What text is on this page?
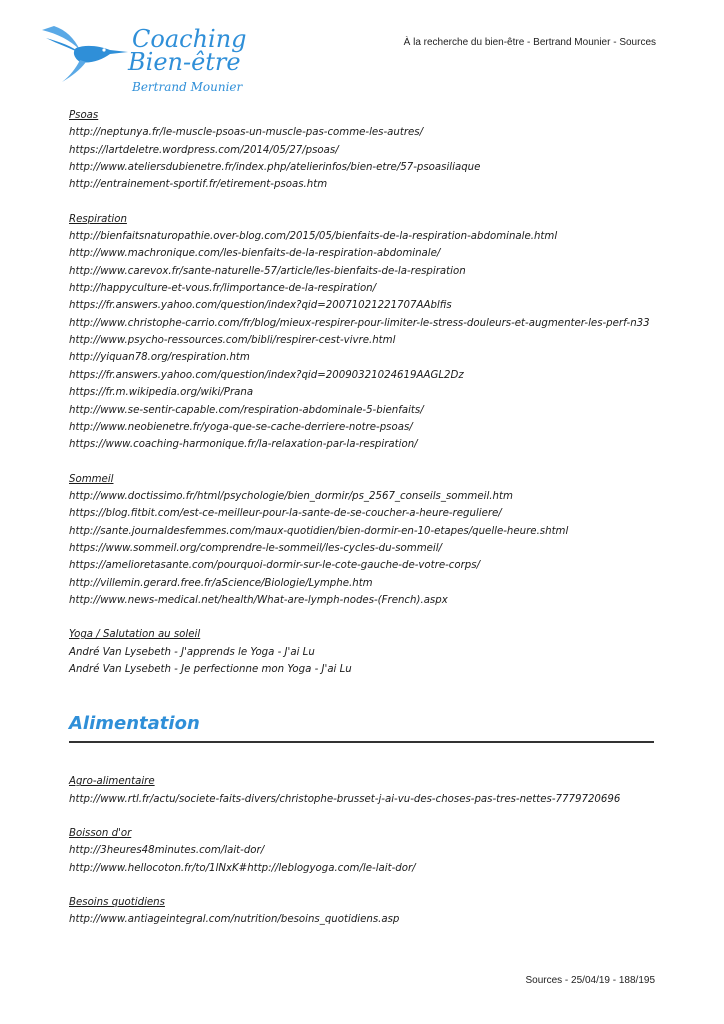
Coaching
Bien-être
Bertrand Mounier
À la recherche du bien-être - Bertrand Mounier - Sources
Psoas
http://neptunya.fr/le-muscle-psoas-un-muscle-pas-comme-les-autres/
https://lartdeletre.wordpress.com/2014/05/27/psoas/
http://www.ateliersdubienetre.fr/index.php/atelierinfos/bien-etre/57-psoasiliaque
http://entrainement-sportif.fr/etirement-psoas.htm
Respiration
http://bienfaitsnaturopathie.over-blog.com/2015/05/bienfaits-de-la-respiration-abdominale.html
http://www.machronique.com/les-bienfaits-de-la-respiration-abdominale/
http://www.carevox.fr/sante-naturelle-57/article/les-bienfaits-de-la-respiration
http://happyculture-et-vous.fr/limportance-de-la-respiration/
https://fr.answers.yahoo.com/question/index?qid=20071021221707AAblfis
http://www.christophe-carrio.com/fr/blog/mieux-respirer-pour-limiter-le-stress-douleurs-et-augmenter-les-perf-n33
http://www.psycho-ressources.com/bibli/respirer-cest-vivre.html
http://yiquan78.org/respiration.htm
https://fr.answers.yahoo.com/question/index?qid=20090321024619AAGL2Dz
https://fr.m.wikipedia.org/wiki/Prana
http://www.se-sentir-capable.com/respiration-abdominale-5-bienfaits/
http://www.neobienetre.fr/yoga-que-se-cache-derriere-notre-psoas/
https://www.coaching-harmonique.fr/la-relaxation-par-la-respiration/
Sommeil
http://www.doctissimo.fr/html/psychologie/bien_dormir/ps_2567_conseils_sommeil.htm
https://blog.fitbit.com/est-ce-meilleur-pour-la-sante-de-se-coucher-a-heure-reguliere/
http://sante.journaldesfemmes.com/maux-quotidien/bien-dormir-en-10-etapes/quelle-heure.shtml
https://www.sommeil.org/comprendre-le-sommeil/les-cycles-du-sommeil/
https://amelioretasante.com/pourquoi-dormir-sur-le-cote-gauche-de-votre-corps/
http://villemin.gerard.free.fr/aScience/Biologie/Lymphe.htm
http://www.news-medical.net/health/What-are-lymph-nodes-(French).aspx
Yoga / Salutation au soleil
André Van Lysebeth - J'apprends le Yoga - J'ai Lu
André Van Lysebeth - Je perfectionne mon Yoga - J'ai Lu
Alimentation
Agro-alimentaire
http://www.rtl.fr/actu/societe-faits-divers/christophe-brusset-j-ai-vu-des-choses-pas-tres-nettes-7779720696
Boisson d'or
http://3heures48minutes.com/lait-dor/
http://www.hellocoton.fr/to/1lNxK#http://leblogyoga.com/le-lait-dor/
Besoins quotidiens
http://www.antiageintegral.com/nutrition/besoins_quotidiens.asp
Sources - 25/04/19 - 188/195
